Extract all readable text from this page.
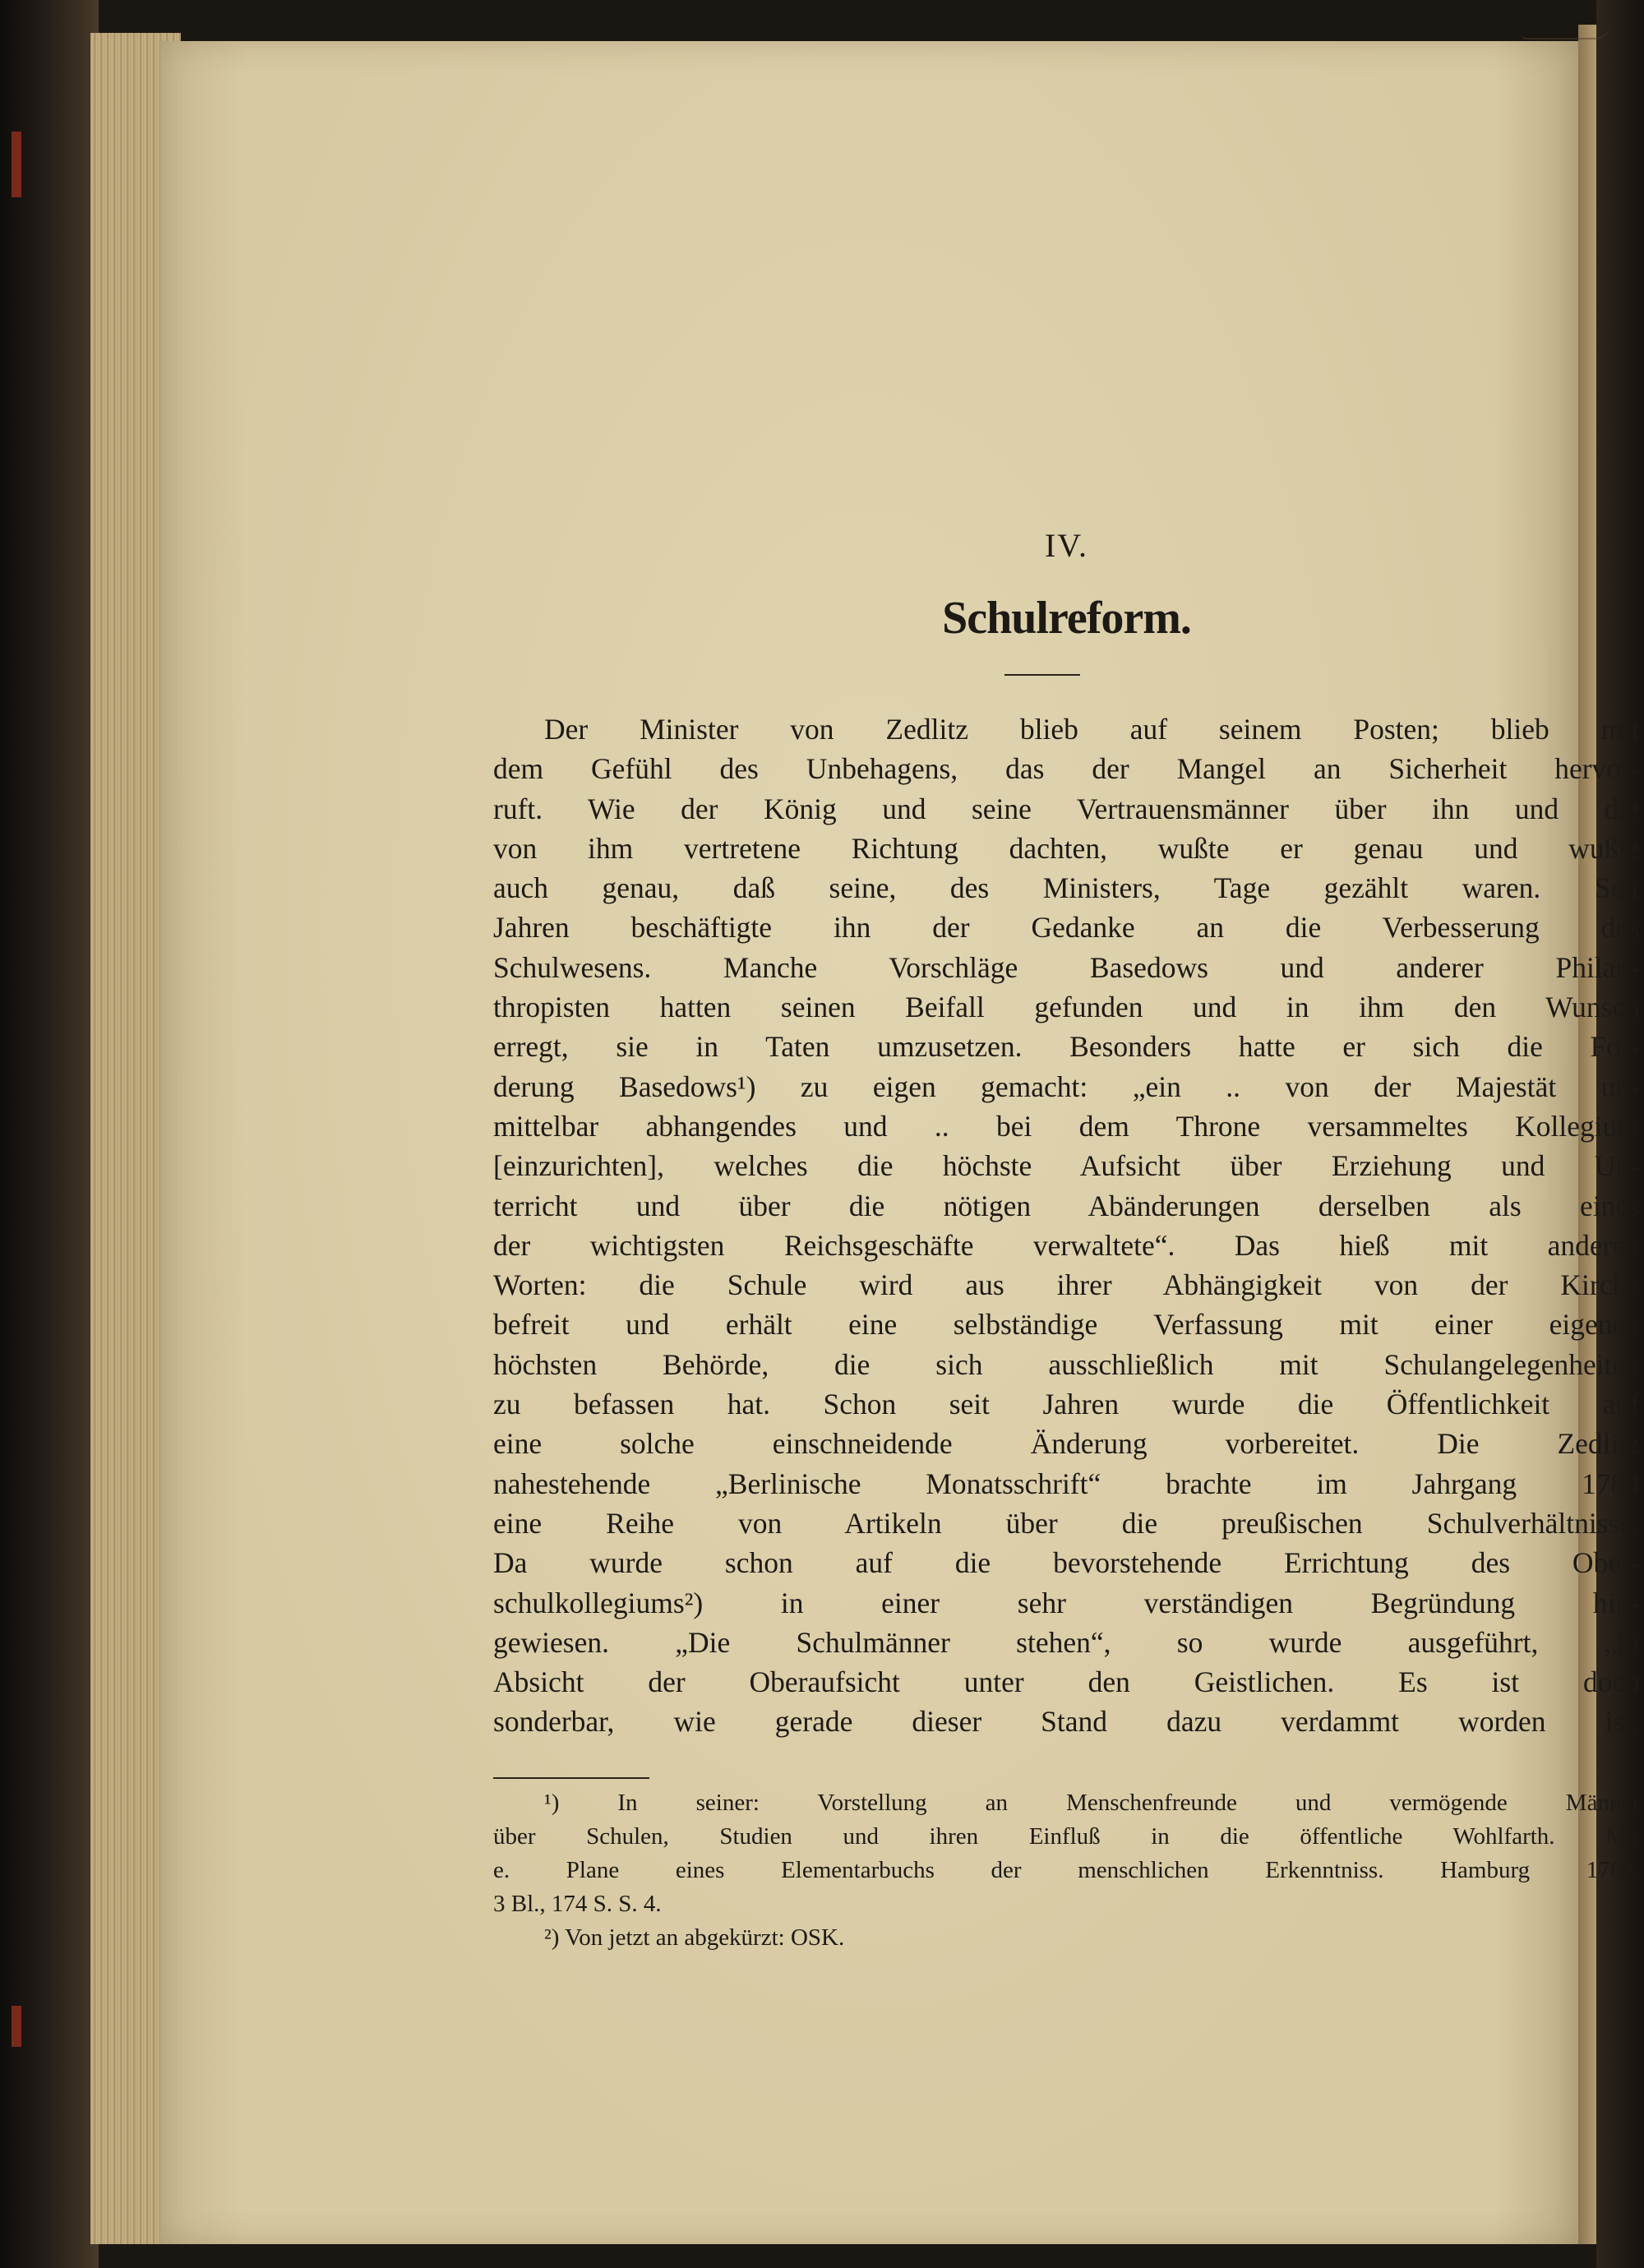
IV.
Schulreform.
Der Minister von Zedlitz blieb auf seinem Posten; blieb mit
dem Gefühl des Unbehagens, das der Mangel an Sicherheit hervor-
ruft. Wie der König und seine Vertrauensmänner über ihn und die
von ihm vertretene Richtung dachten, wußte er genau und wußte
auch genau, daß seine, des Ministers, Tage gezählt waren. Seit
Jahren beschäftigte ihn der Gedanke an die Verbesserung des
Schulwesens. Manche Vorschläge Basedows und anderer Philan-
thropisten hatten seinen Beifall gefunden und in ihm den Wunsch
erregt, sie in Taten umzusetzen. Besonders hatte er sich die For-
derung Basedows¹) zu eigen gemacht: „ein .. von der Majestät un-
mittelbar abhangendes und .. bei dem Throne versammeltes Kollegium
[einzurichten], welches die höchste Aufsicht über Erziehung und Un-
terricht und über die nötigen Abänderungen derselben als eines
der wichtigsten Reichsgeschäfte verwaltete“. Das hieß mit anderen
Worten: die Schule wird aus ihrer Abhängigkeit von der Kirche
befreit und erhält eine selbständige Verfassung mit einer eigenen
höchsten Behörde, die sich ausschließlich mit Schulangelegenheiten
zu befassen hat. Schon seit Jahren wurde die Öffentlichkeit auf
eine solche einschneidende Änderung vorbereitet. Die Zedlitz
nahestehende „Berlinische Monatsschrift“ brachte im Jahrgang 1784
eine Reihe von Artikeln über die preußischen Schulverhältnisse.
Da wurde schon auf die bevorstehende Errichtung des Ober-
schulkollegiums²) in einer sehr verständigen Begründung hin-
gewiesen. „Die Schulmänner stehen“, so wurde ausgeführt, „in
Absicht der Oberaufsicht unter den Geistlichen. Es ist doch
sonderbar, wie gerade dieser Stand dazu verdammt worden ist,
¹) In seiner: Vorstellung an Menschenfreunde und vermögende Männer
über Schulen, Studien und ihren Einfluß in die öffentliche Wohlfarth. Mit
e. Plane eines Elementarbuchs der menschlichen Erkenntniss. Hamburg 1768.
3 Bl., 174 S. S. 4.
²) Von jetzt an abgekürzt: OSK.
